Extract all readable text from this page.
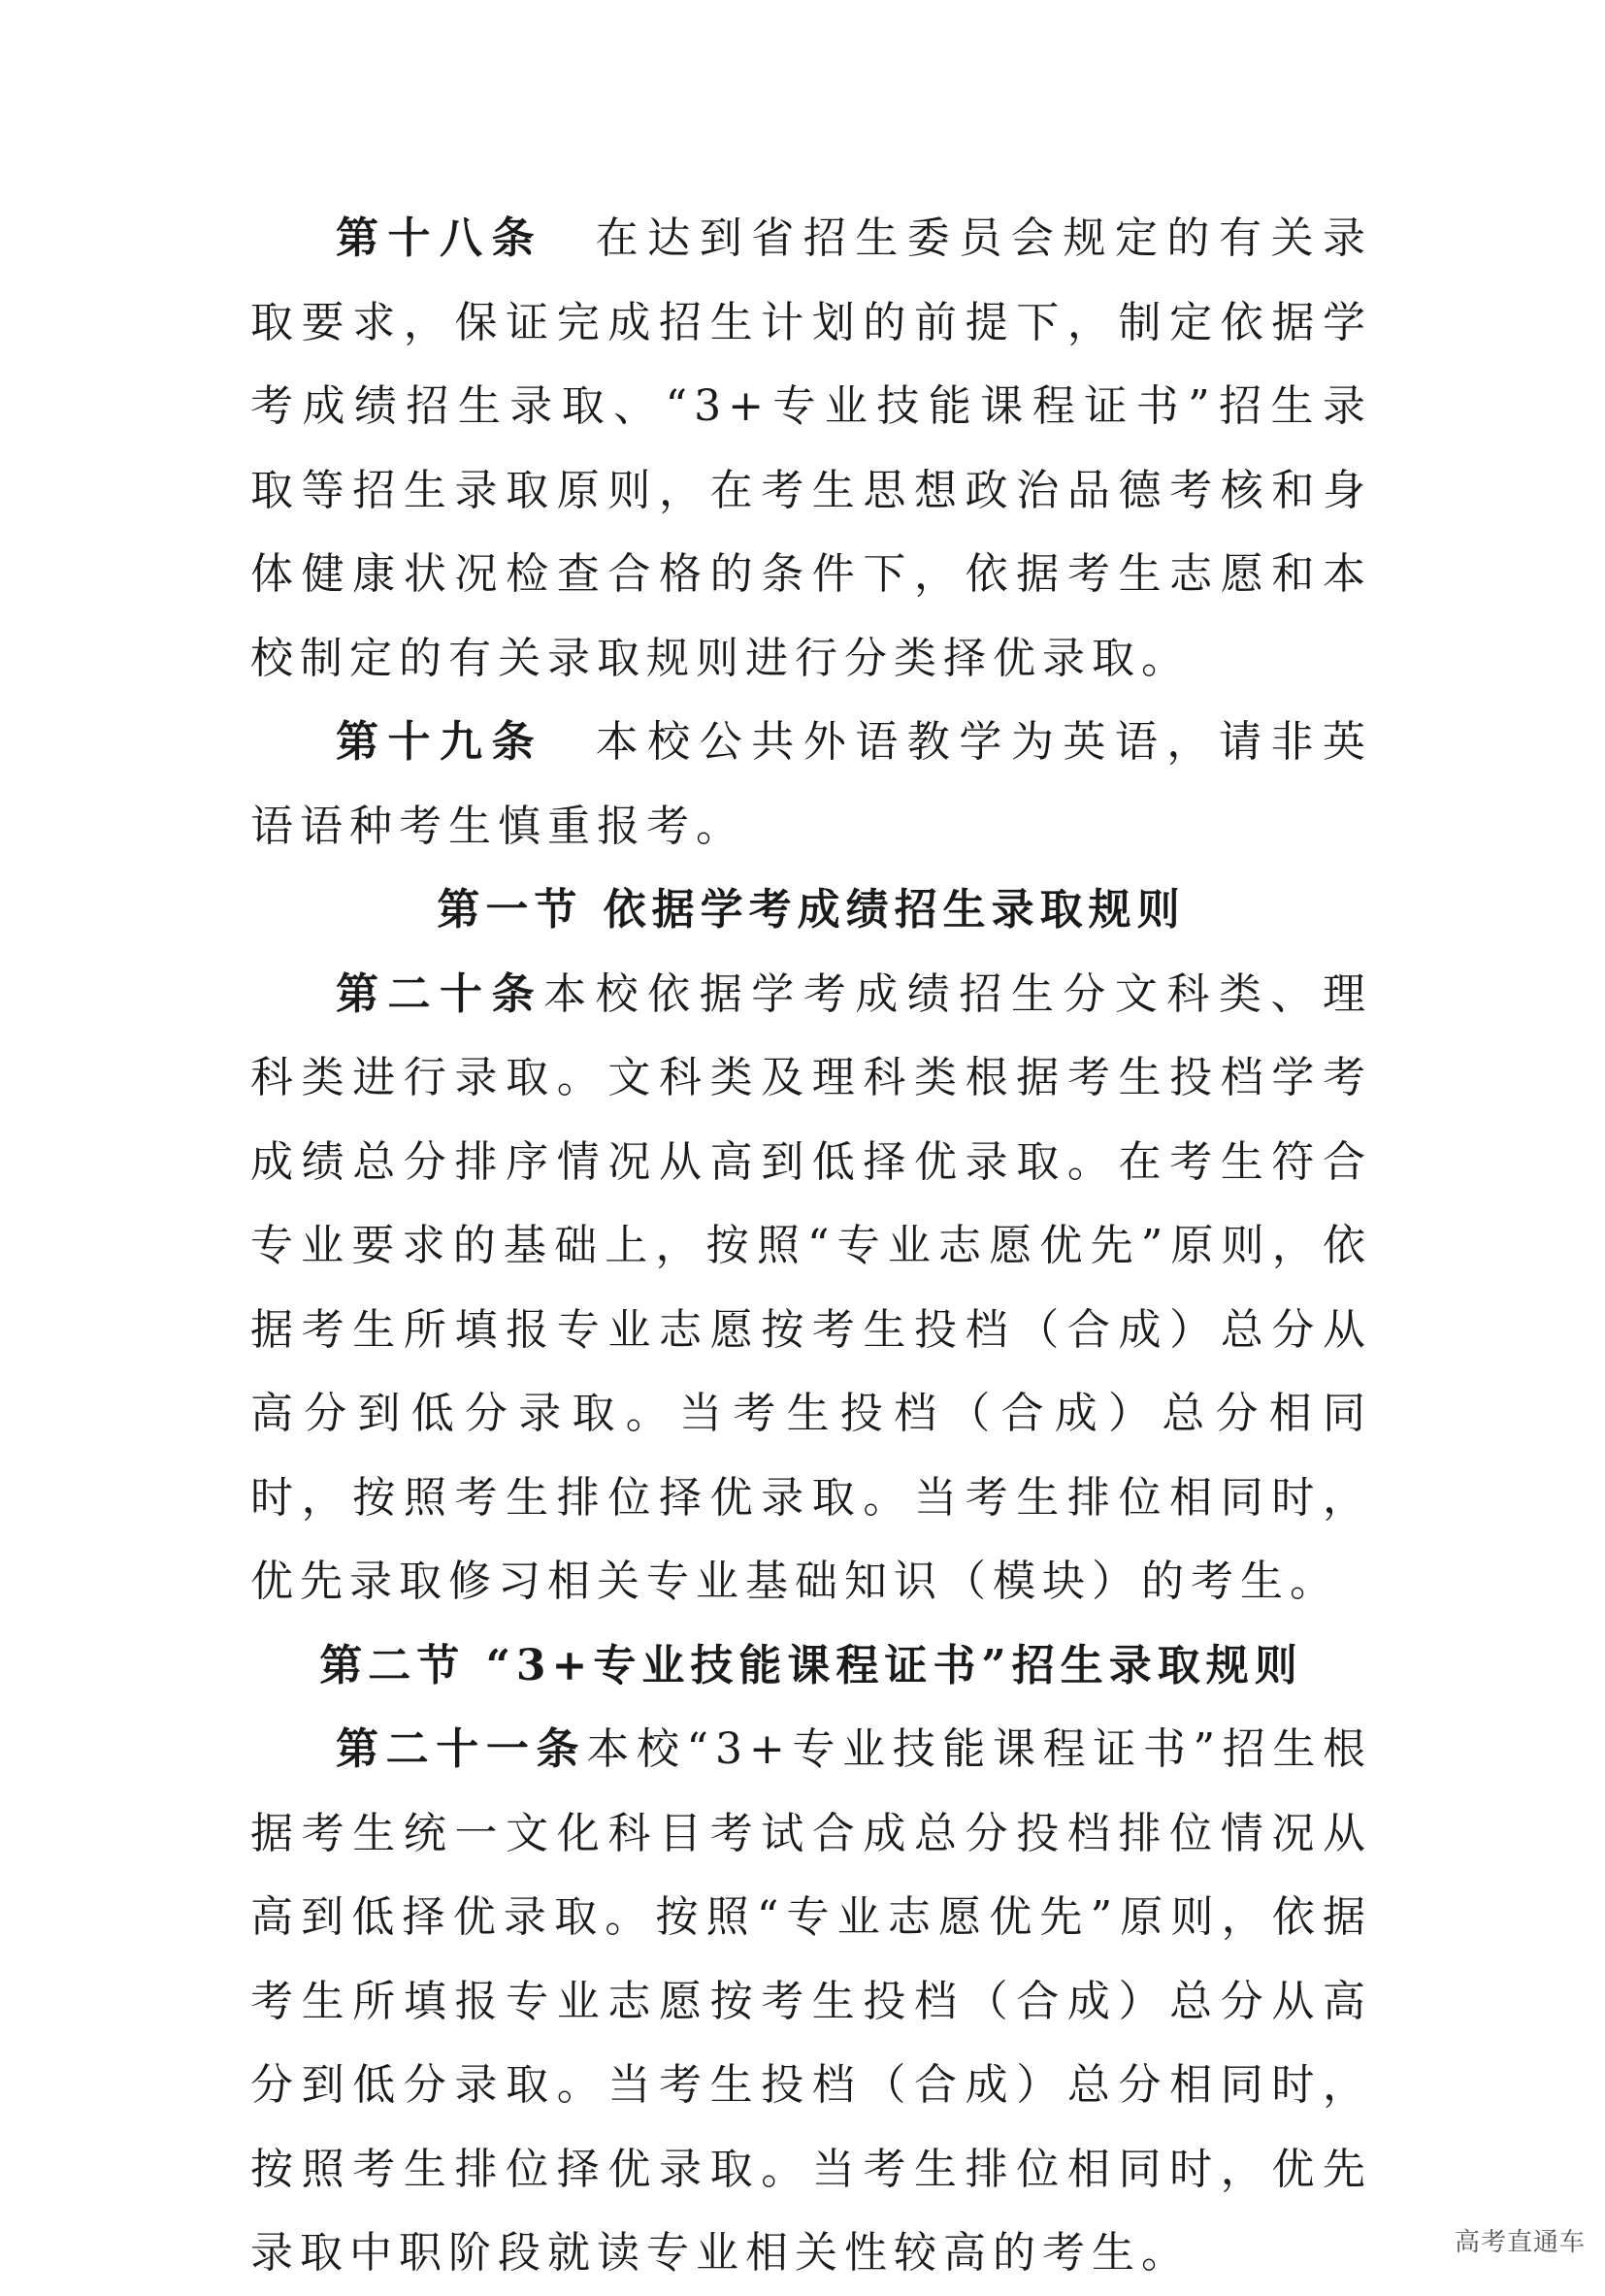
第十八条　 在达到省招生委员会规定的有关录取要求，保证完成招生计划的前提下，制定依据学考成绩招生录取、“3+专业技能课程证书”招生录取等招生录取原则，在考生思想政治品德考核和身体健康状况检查合格的条件下，依据考生志愿和本校制定的有关录取规则进行分类择优录取。

第十九条　 本校公共外语教学为英语，请非英语语种考生慎重报考。

第一节 依据学考成绩招生录取规则

第二十条本校依据学考成绩招生分文科类、理科类进行录取。文科类及理科类根据考生投档学考成绩总分排序情况从高到低择优录取。在考生符合专业要求的基础上，按照“专业志愿优先”原则，依据考生所填报专业志愿按考生投档（合成）总分从高分到低分录取。当考生投档（合成）总分相同时，按照考生排位择优录取。当考生排位相同时，优先录取修习相关专业基础知识（模块）的考生。

第二节 “3+专业技能课程证书”招生录取规则

第二十一条本校“3+专业技能课程证书”招生根据考生统一文化科目考试合成总分投档排位情况从高到低择优录取。按照“专业志愿优先”原则，依据考生所填报专业志愿按考生投档（合成）总分从高分到低分录取。当考生投档（合成）总分相同时，按照考生排位择优录取。当考生排位相同时，优先录取中职阶段就读专业相关性较高的考生。	高考直通车
